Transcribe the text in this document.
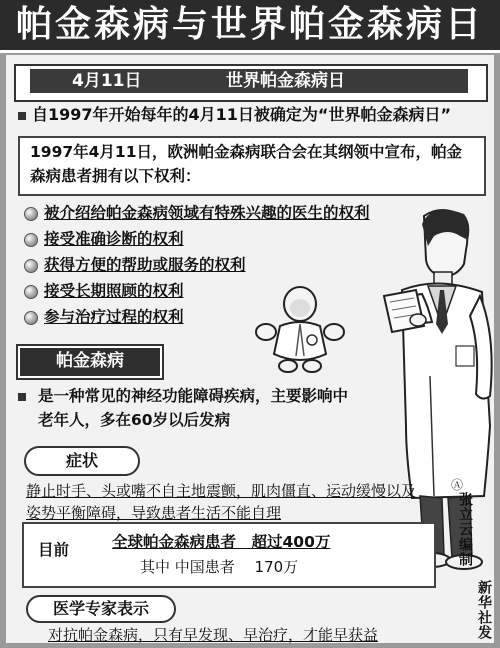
帕金森病与世界帕金森病日
4月11日	世界帕金森病日
自1997年开始每年的4月11日被确定为“世界帕金森病日”
1997年4月11日，欧洲帕金森病联合会在其纲领中宣布，帕金森病患者拥有以下权利：
被介绍给帕金森病领域有特殊兴趣的医生的权利
接受准确诊断的权利
获得方便的帮助或服务的权利
接受长期照顾的权利
参与治疗过程的权利
帕金森病
是一种常见的神经功能障碍疾病，主要影响中老年人，多在60岁以后发病
症状
静止时手、头或嘴不自主地震颤，肌肉僵直、运动缓慢以及姿势平衡障碍，导致患者生活不能自理
目前	全球帕金森病患者　超过400万
其中 中国患者　 170万
医学专家表示
对抗帕金森病，只有早发现、早治疗，才能早获益
Ⓐ
张立云编制
新华社发
